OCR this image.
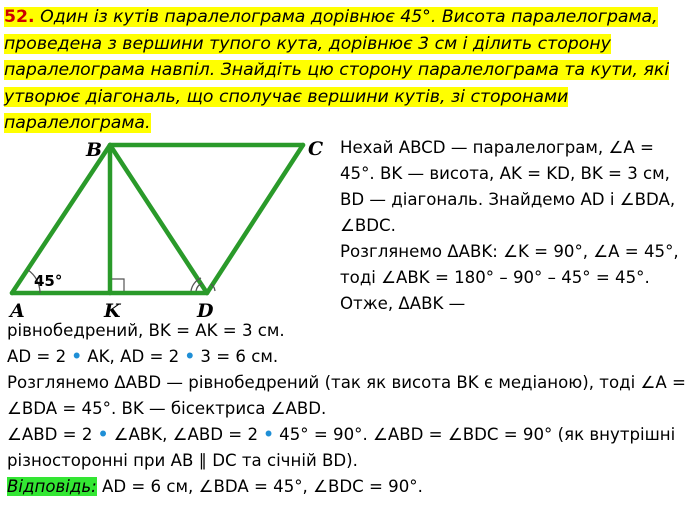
52. Один із кутів паралелограма дорівнює 45°. Висота паралелограма, проведена з вершини тупого кута, дорівнює 3 см і ділить сторону паралелограма навпіл. Знайдіть цю сторону паралелограма та кути, які утворює діагональ, що сполучає вершини кутів, зі сторонами паралелограма.
B	C
A	K	D
45°

Нехай ABCD — паралелограм, ∠A = 45°. BK — висота, AK = KD, BK = 3 см, BD — діагональ. Знайдемо AD і ∠BDA, ∠BDC.

Розглянемо ΔABK: ∠K = 90°, ∠A = 45°, тоді ∠ABK = 180° – 90° – 45° = 45°. Отже, ΔABK —

рівнобедрений, BK = AK = 3 см.

AD = 2 • AK, AD = 2 • 3 = 6 см.

Розглянемо ΔABD — рівнобедрений (так як висота BK є медіаною), тоді ∠A = ∠BDA = 45°. BK — бісектриса ∠ABD.

∠ABD = 2 • ∠ABK, ∠ABD = 2 • 45° = 90°. ∠ABD = ∠BDC = 90° (як внутрішні різносторонні при AB ∥ DC та січній BD).

Відповідь: AD = 6 см, ∠BDA = 45°, ∠BDC = 90°.
